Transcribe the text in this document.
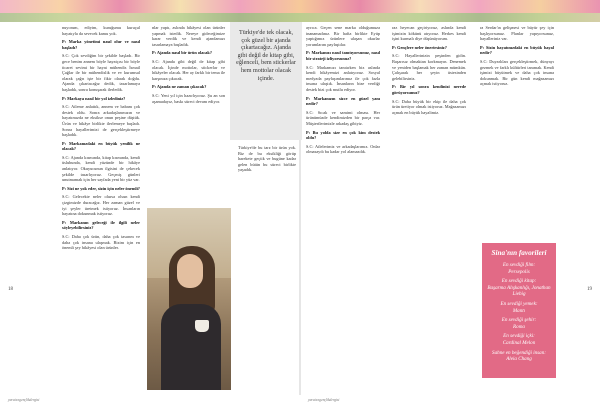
nuyorum, ediyim, kuruğumu kuruçul hayatıyla da sevecek kamu yok.

P: Marka yönetimi nasıl olur ve nasıl başladı?

S.C: Çok sevdiğim bir şekilde başladı. Bir gece benim annem böyle hayatçısı bir böyle ticaret sevimi bir hayat mühendis İsmail Çağlar ile bir mühendislik ve ev kurumsal olarak çağrı işte bir fikir olarak doğdu. Ajanda çıkartacağız dedik, tasarlamaya başladık, sonra konuşarak ilerledik.

P: Markaya nasıl bir yol izlediniz?

S.C: Aileme anlattık, annem ve babam çok destek oldu. Sonra arkadaşlarımızın ve hayatımızda ne eksikse onun peşine düştük. Ürün ve hikâye birlikte ilerlemeye başladı. Sonra hayallerimizi de gerçekleştirmeye başladık.

P: Markanızdaki en büyük yenilik ne olacak?

S.C: Ajanda kısmında, kitap kısmında, kendi üslubunda, kendi yüzünde bir hikâye anlatıyor. Okuyucunun ilgisini de çekecek şekilde tasarlıyoruz. Geçmiş günleri unutmamak için her sayfada yeni bir yüz var.

P: Sizi ne yok eder, sizin için neler önemli?

S.C: Gelecekte neler olursa olsun kendi çizgimizde duracağız. Her zaman güzel ve iyi şeyler üretmek istiyoruz. İnsanların hayatına dokunmak istiyoruz.

P: Markanın geleceği ile ilgili neler söyleyebilirsiniz?

S.C: Daha çok ürün, daha çok tasarım ve daha çok insana ulaşmak. Bizim için en önemli şey hikâyesi olan ürünler.

nlar yaptı, aslında hikâyesi olan ürünler yapmak istedik. Nereye gideceğimize karar verdik ve kendi ajandamızı tasarlamaya başladık.

P: Ajanda nasıl bir ürün olacak?

S.C: Ajanda gibi değil de kitap gibi olacak. İçinde mottolar, stickerlar ve hikâyeler olacak. Her ay farklı bir tema ile karşınıza çıkacak.

P: Ajanda ne zaman çıkacak?

S.C: Yeni yıl için hazırlıyoruz. Şu an son aşamadayız, baskı süreci devam ediyor.

Türkiye'de bu tarz bir ürün yok. Biz de bu eksikliği görüp harekete geçtik ve bugüne kadar gelen bütün bu süreci birlikte yaşadık.

ayrıca. Geçen sene marka olduğumuza inanamadınız. Bir hafta birlikte Eyüp yaptığımız ürünlere ulaşan okurlar yorumlarını paylaştılar.

P: Markanızı nasıl tanıtıyorsunuz, nasıl bir strateji izliyorsunuz?

S.C: Markamızı tanıtırken biz aslında kendi hikâyemizi anlatıyoruz. Sosyal medyada paylaşımlarımız ile çok fazla insana ulaştık. İnsanların bize verdiği destek bizi çok mutlu ediyor.

P: Markanızın sizce en güzel yanı nedir?

S.C: Sıcak ve samimi olması. Her ürünümüzde kendimizden bir parça var. Müşterilerimizle arkadaş gibiyiz.

P: Bu yolda size en çok kim destek oldu?

S.C: Ailelerimiz ve arkadaşlarımız. Onlar olmasaydı bu kadar yol alamazdık.

raz heyecan geçiriyoruz, aslında kendi işimizin kökünü atıyoruz. Herkes kendi işini kurmalı diye düşünüyorum.

P: Gençlere neler önerirsiniz?

S.C: Hayallerinizin peşinden gidin. Başarısız olmaktan korkmayın. Denemek ve yeniden başlamak her zaman mümkün. Çalışarak her şeyin üstesinden gelebilirsiniz.

P: Bir yıl sonra kendinizi nerede görüyorsunuz?

S.C: Daha büyük bir ekip ile daha çok ürün üretiyor olmak istiyoruz. Mağazamızı açmak en büyük hayalimiz.

ra Serdar'ın gelişmesi ve büyür şey için başlıyorsunuz. Planlar yapıyorsunuz, hayalleriniz var.

P: Sizin hayatınızdaki en büyük hayal nedir?

S.C: Duyarlıları gerçekleştirmek, dünyayı gezmek ve farklı kültürleri tanımak. Kendi işimizi büyütmek ve daha çok insana dokunmak. Bir gün kendi mağazamızı açmak istiyoruz.

Türkiye'de tek olacak, çok güzel bir ajanda çıkartacağız. Ajanda gibi değil de kitap gibi, eğlenceli, bem stickerlar hem mottolar olacak içinde.

Sina'nın favorileri
En sevdiği film:
Persepolis
En sevdiği kitap:
Başarma Alışkanlığı, Jonathan Liebig
En sevdiği yemek:
Mantı
En sevdiği şehir:
Roma
En sevdiği içki:
Cardinal Melon
Sahne en beğendiği insan:
Aleia Chang
18	19
yaratıcıgençlikdergisi	yaratıcıgençlikdergisi
